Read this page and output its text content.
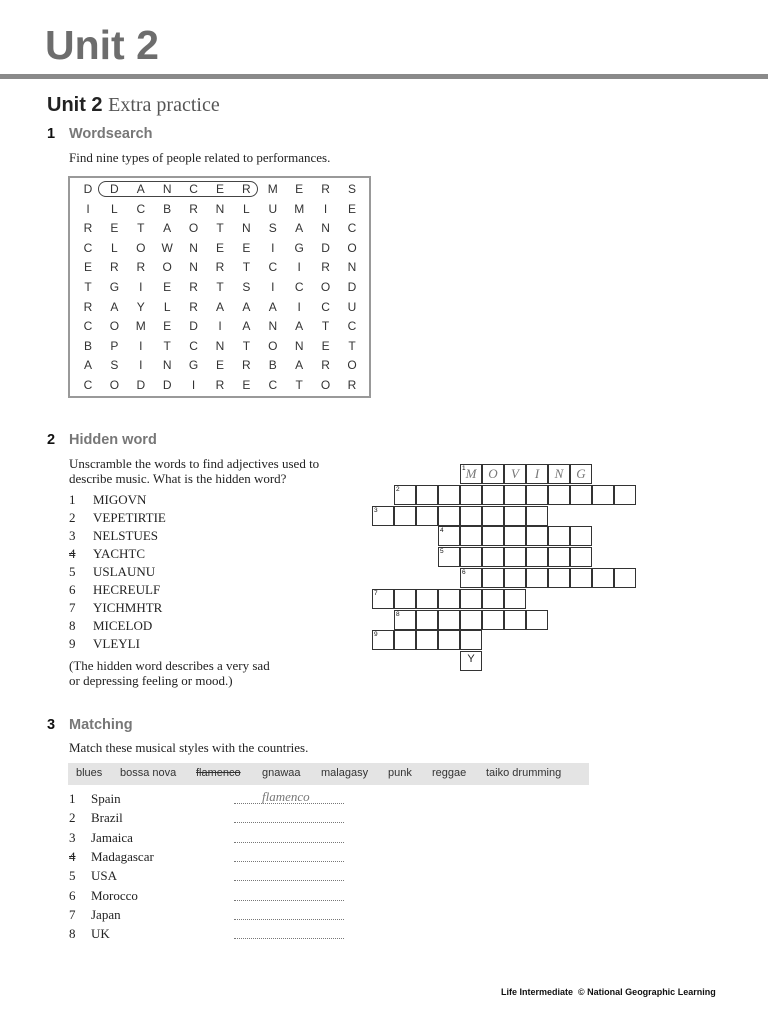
Unit 2
Unit 2 Extra practice
1 Wordsearch
Find nine types of people related to performances.
D	D	A	N	C	E	R	M	E	R	S
I	L	C	B	R	N	L	U	M	I	E
R	E	T	A	O	T	N	S	A	N	C
C	L	O	W	N	E	E	I	G	D	O
E	R	R	O	N	R	T	C	I	R	N
T	G	I	E	R	T	S	I	C	O	D
R	A	Y	L	R	A	A	A	I	C	U
C	O	M	E	D	I	A	N	A	T	C
B	P	I	T	C	N	T	O	N	E	T
A	S	I	N	G	E	R	B	A	R	O
C	O	D	D	I	R	E	C	T	O	R
2 Hidden word
Unscramble the words to find adjectives used to
describe music. What is the hidden word?
1 MIGOVN
2 VEPETIRTIE
3 NELSTUES
4 YACHTC
5 USLAUNU
6 HECREULF
7 YICHMHTR
8 MICELOD
9 VLEYLI
(The hidden word describes a very sad
or depressing feeling or mood.)
M O	V	I	N G
1
2
3
4
5
6
7
8
9
Y
3 Matching
Match these musical styles with the countries.
blues bossa nova flamenco gnawaa malagasy punk reggae taiko drumming
1 Spain	flamenco
2 Brazil
3 Jamaica
4 Madagascar
5 USA
6 Morocco
7 Japan
8 UK
Life Intermediate © National Geographic Learning
